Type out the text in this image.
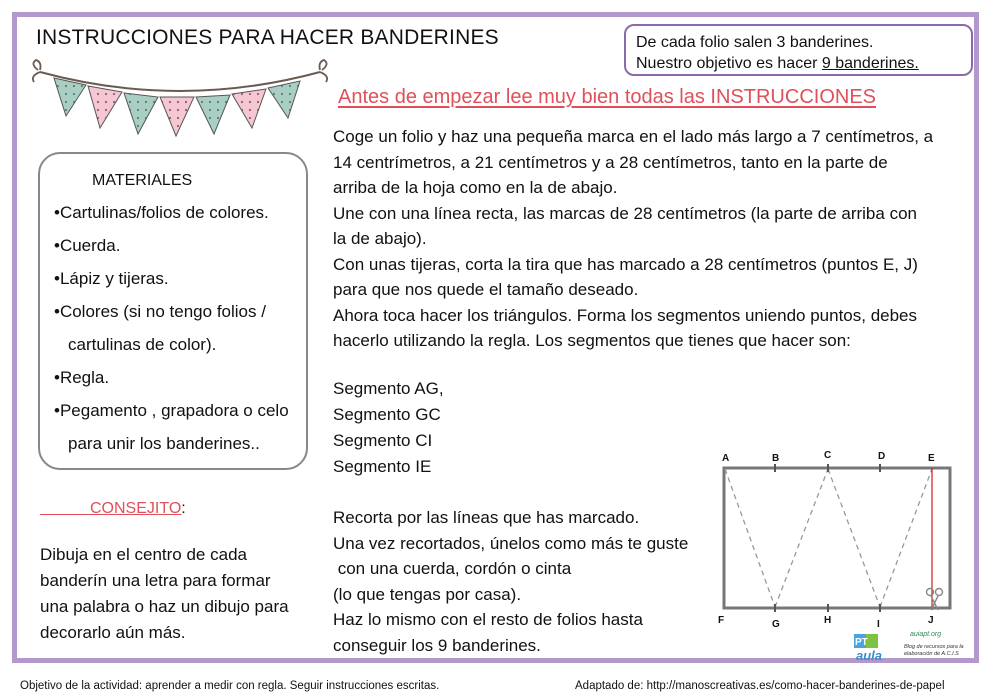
INSTRUCCIONES PARA HACER BANDERINES	De cada folio salen 3 banderines.
Nuestro objetivo es hacer 9 banderines.
Antes de empezar lee muy bien todas las INSTRUCCIONES
MATERIALES
•Cartulinas/folios de colores.
•Cuerda.
•Lápiz y tijeras.
•Colores (si no tengo folios /
cartulinas de color).
•Regla.
•Pegamento , grapadora o celo
para unir los banderines..
CONSEJITO:
Dibuja en el centro de cada
banderín una letra para formar
una palabra o haz un dibujo para
decorarlo aún más.

Coge un folio y haz una pequeña marca en el lado más largo a 7 centímetros, a

14 centrímetros, a 21 centímetros y a 28 centímetros, tanto en la parte de

arriba de la hoja como en la de abajo.

Une con una línea recta, las marcas de 28 centímetros (la parte de arriba con

la de abajo).

Con unas tijeras, corta la tira que has marcado a 28 centímetros (puntos E, J)

para que nos quede el tamaño deseado.

Ahora toca hacer los triángulos. Forma los segmentos uniendo puntos, debes

hacerlo utilizando la regla. Los segmentos que tienes que hacer son:

Segmento AG,

Segmento GC

Segmento CI

Segmento IE

Recorta por las líneas que has marcado.

Una vez recortados, únelos como más te guste

con una cuerda, cordón o cinta

(lo que tengas por casa).

Haz lo mismo con el resto de folios hasta

conseguir los 9 banderines.

A	B	C	D	E
F	G	H	I	J
PT
aula
auiapt.org
Blog de recursos para la
elaboración de A.C.I.S
Objetivo de la actividad: aprender a medir con regla. Seguir instrucciones escritas.	Adaptado de: http://manoscreativas.es/como-hacer-banderines-de-papel
